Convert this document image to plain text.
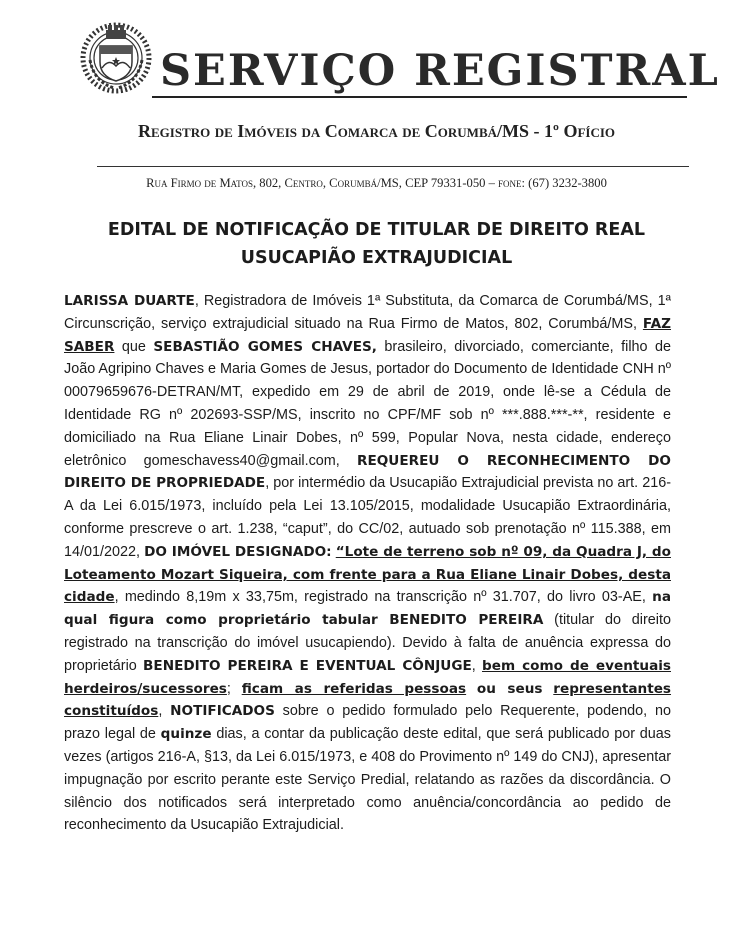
SERVIÇO REGISTRAL
Registro de Imóveis da Comarca de Corumbá/MS - 1º Ofício
Rua Firmo de Matos, 802, Centro, Corumbá/MS, CEP 79331-050 – fone: (67) 3232-3800
EDITAL DE NOTIFICAÇÃO DE TITULAR DE DIREITO REAL
USUCAPIÃO EXTRAJUDICIAL
LARISSA DUARTE, Registradora de Imóveis 1ª Substituta, da Comarca de Corumbá/MS, 1ª Circunscrição, serviço extrajudicial situado na Rua Firmo de Matos, 802, Corumbá/MS, FAZ SABER que SEBASTIÃO GOMES CHAVES, brasileiro, divorciado, comerciante, filho de João Agripino Chaves e Maria Gomes de Jesus, portador do Documento de Identidade CNH nº 00079659676-DETRAN/MT, expedido em 29 de abril de 2019, onde lê-se a Cédula de Identidade RG nº 202693-SSP/MS, inscrito no CPF/MF sob nº ***.888.***-**, residente e domiciliado na Rua Eliane Linair Dobes, nº 599, Popular Nova, nesta cidade, endereço eletrônico gomeschavess40@gmail.com, REQUEREU O RECONHECIMENTO DO DIREITO DE PROPRIEDADE, por intermédio da Usucapião Extrajudicial prevista no art. 216-A da Lei 6.015/1973, incluído pela Lei 13.105/2015, modalidade Usucapião Extraordinária, conforme prescreve o art. 1.238, “caput”, do CC/02, autuado sob prenotação nº 115.388, em 14/01/2022, DO IMÓVEL DESIGNADO: “Lote de terreno sob nº 09, da Quadra J, do Loteamento Mozart Siqueira, com frente para a Rua Eliane Linair Dobes, desta cidade, medindo 8,19m x 33,75m, registrado na transcrição nº 31.707, do livro 03-AE, na qual figura como proprietário tabular BENEDITO PEREIRA (titular do direito registrado na transcrição do imóvel usucapiendo). Devido à falta de anuência expressa do proprietário BENEDITO PEREIRA E EVENTUAL CÔNJUGE, bem como de eventuais herdeiros/sucessores; ficam as referidas pessoas ou seus representantes constituídos, NOTIFICADOS sobre o pedido formulado pelo Requerente, podendo, no prazo legal de quinze dias, a contar da publicação deste edital, que será publicado por duas vezes (artigos 216-A, §13, da Lei 6.015/1973, e 408 do Provimento nº 149 do CNJ), apresentar impugnação por escrito perante este Serviço Predial, relatando as razões da discordância. O silêncio dos notificados será interpretado como anuência/concordância ao pedido de reconhecimento da Usucapião Extrajudicial.
